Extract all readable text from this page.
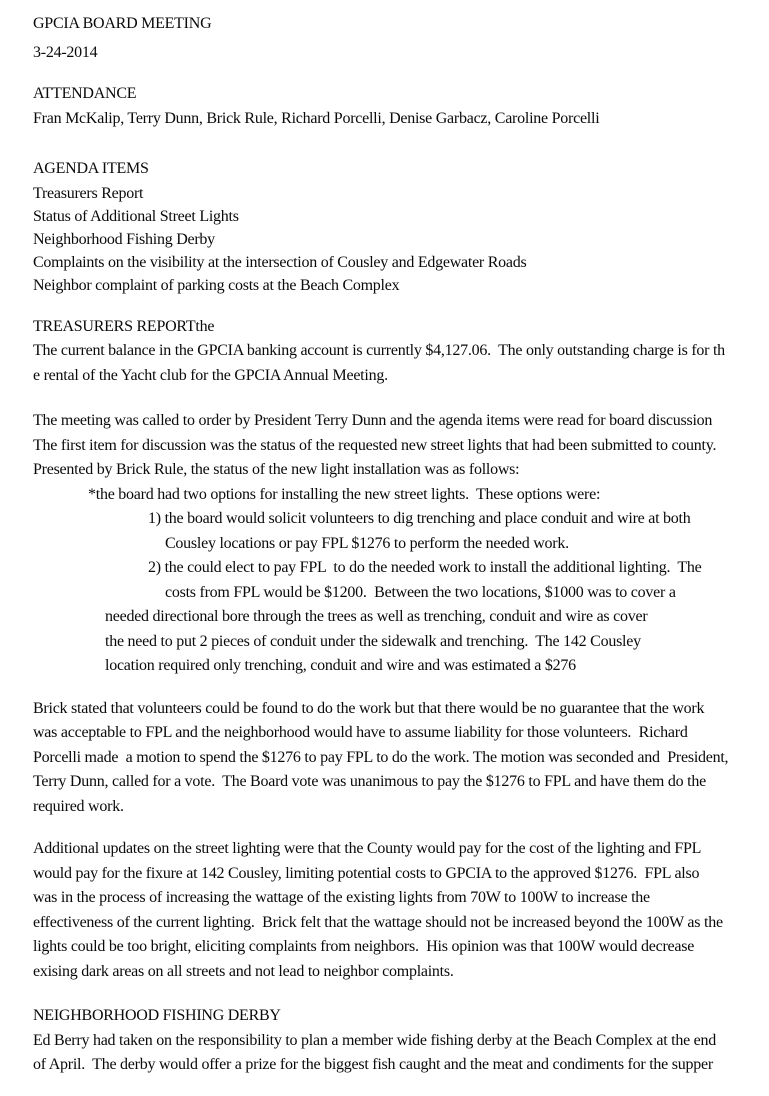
GPCIA BOARD MEETING
3-24-2014
ATTENDANCE
Fran McKalip, Terry Dunn, Brick Rule, Richard Porcelli, Denise Garbacz, Caroline Porcelli
AGENDA ITEMS
Treasurers Report
Status of Additional Street Lights
Neighborhood Fishing Derby
Complaints on the visibility at the intersection of Cousley and Edgewater Roads
Neighbor complaint of parking costs at the Beach Complex
TREASURERS REPORTthe
The current balance in the GPCIA banking account is currently $4,127.06.  The only outstanding charge is for th
e rental of the Yacht club for the GPCIA Annual Meeting.
The meeting was called to order by President Terry Dunn and the agenda items were read for board discussion
The first item for discussion was the status of the requested new street lights that had been submitted to county.
Presented by Brick Rule, the status of the new light installation was as follows:
*the board had two options for installing the new street lights.  These options were:
1) the board would solicit volunteers to dig trenching and place conduit and wire at both
Cousley locations or pay FPL $1276 to perform the needed work.
2) the could elect to pay FPL  to do the needed work to install the additional lighting.  The
costs from FPL would be $1200.  Between the two locations, $1000 was to cover a
needed directional bore through the trees as well as trenching, conduit and wire as cover
the need to put 2 pieces of conduit under the sidewalk and trenching.  The 142 Cousley
location required only trenching, conduit and wire and was estimated a $276
Brick stated that volunteers could be found to do the work but that there would be no guarantee that the work
was acceptable to FPL and the neighborhood would have to assume liability for those volunteers.  Richard
Porcelli made  a motion to spend the $1276 to pay FPL to do the work. The motion was seconded and  President,
Terry Dunn, called for a vote.  The Board vote was unanimous to pay the $1276 to FPL and have them do the
required work.
Additional updates on the street lighting were that the County would pay for the cost of the lighting and FPL
would pay for the fixure at 142 Cousley, limiting potential costs to GPCIA to the approved $1276.  FPL also
was in the process of increasing the wattage of the existing lights from 70W to 100W to increase the
effectiveness of the current lighting.  Brick felt that the wattage should not be increased beyond the 100W as the
lights could be too bright, eliciting complaints from neighbors.  His opinion was that 100W would decrease
exising dark areas on all streets and not lead to neighbor complaints.
NEIGHBORHOOD FISHING DERBY
Ed Berry had taken on the responsibility to plan a member wide fishing derby at the Beach Complex at the end
of April.  The derby would offer a prize for the biggest fish caught and the meat and condiments for the supper
